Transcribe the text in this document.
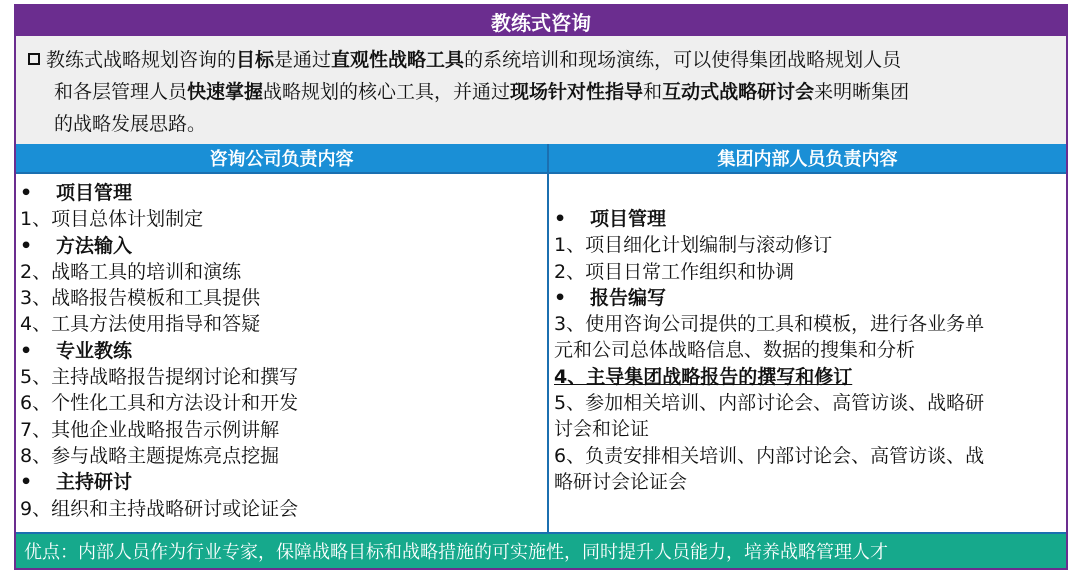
教练式咨询
教练式战略规划咨询的目标是通过直观性战略工具的系统培训和现场演练，可以使得集团战略规划人员
和各层管理人员快速掌握战略规划的核心工具，并通过现场针对性指导和互动式战略研讨会来明晰集团
的战略发展思路。
咨询公司负责内容	集团内部人员负责内容
• 项目管理
1、项目总体计划制定
• 方法输入
2、战略工具的培训和演练
3、战略报告模板和工具提供
4、工具方法使用指导和答疑
• 专业教练
5、主持战略报告提纲讨论和撰写
6、个性化工具和方法设计和开发
7、其他企业战略报告示例讲解
8、参与战略主题提炼亮点挖掘
• 主持研讨
9、组织和主持战略研讨或论证会
• 项目管理
1、项目细化计划编制与滚动修订
2、项目日常工作组织和协调
• 报告编写
3、使用咨询公司提供的工具和模板，进行各业务单
元和公司总体战略信息、数据的搜集和分析
4、主导集团战略报告的撰写和修订
5、参加相关培训、内部讨论会、高管访谈、战略研
讨会和论证
6、负责安排相关培训、内部讨论会、高管访谈、战
略研讨会论证会
优点：内部人员作为行业专家，保障战略目标和战略措施的可实施性，同时提升人员能力，培养战略管理人才
